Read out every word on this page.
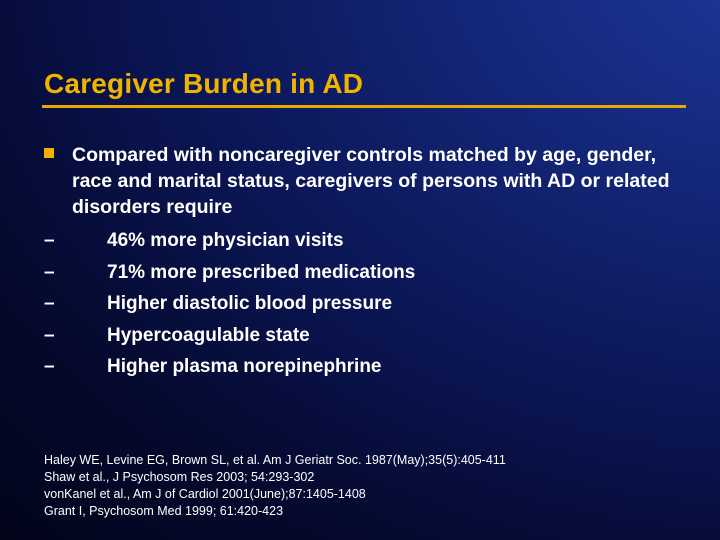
Caregiver Burden in AD
Compared with noncaregiver controls matched by age, gender, race and marital status, caregivers of persons with AD or related disorders require
–	46% more physician visits
–	71% more prescribed medications
–	Higher diastolic blood pressure
–	Hypercoagulable state
–	Higher plasma norepinephrine
Haley WE, Levine EG, Brown SL, et al. Am J Geriatr Soc. 1987(May);35(5):405-411
Shaw et al., J Psychosom Res 2003; 54:293-302
vonKanel et al., Am J of Cardiol 2001(June);87:1405-1408
Grant I, Psychosom Med 1999; 61:420-423
